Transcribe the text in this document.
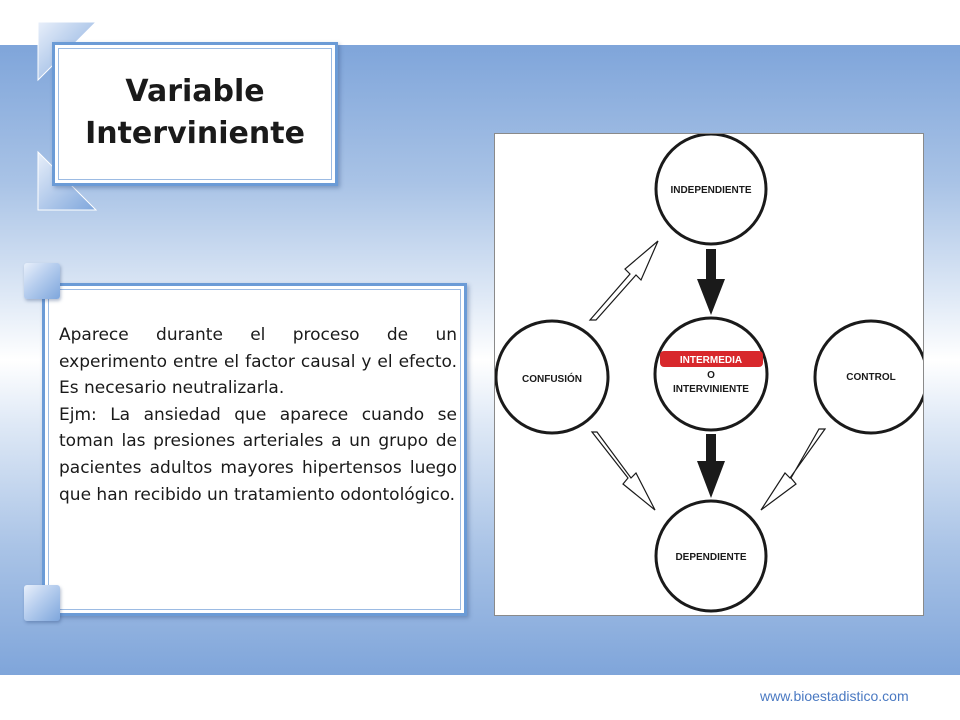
Variable
Interviniente

Aparece durante el proceso de un experimento entre el factor causal y el efecto. Es necesario neutralizarla.

Ejm: La ansiedad que aparece cuando se toman las presiones arteriales a un grupo de pacientes adultos mayores hipertensos luego que han recibido un tratamiento odontológico.

INDEPENDIENTE
INTERMEDIA
O
INTERVINIENTE
CONFUSIÓN	CONTROL
DEPENDIENTE
www.bioestadistico.com
